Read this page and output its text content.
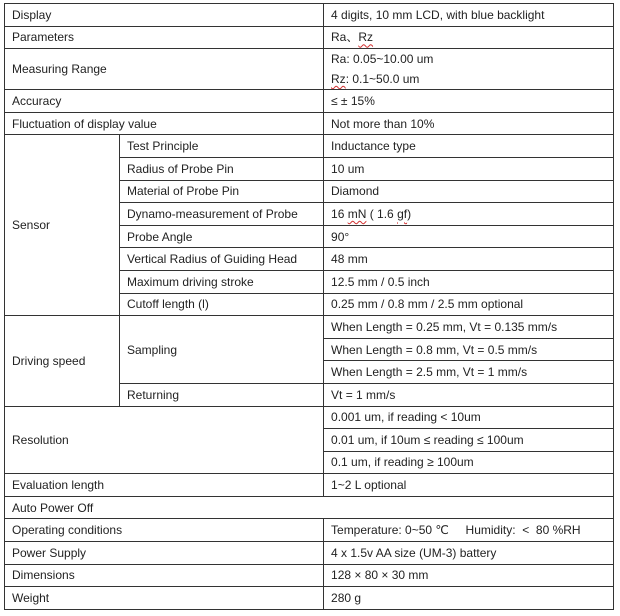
Display		4 digits, 10 mm LCD, with blue backlight
Parameters		Ra、Rz
Measuring Range		Ra: 0.05~10.00 um
Rz: 0.1~50.0 um

Accuracy		≤ ± 15%
Fluctuation of display value		Not more than 10%
Sensor	Test Principle	Inductance type
	Radius of Probe Pin	10 um
	Material of Probe Pin	Diamond
	Dynamo-measurement of Probe	16 mN ( 1.6 gf)
	Probe Angle	90°
	Vertical Radius of Guiding Head	48 mm
	Maximum driving stroke	12.5 mm / 0.5 inch
	Cutoff length (l)	0.25 mm / 0.8 mm / 2.5 mm optional
Driving speed	Sampling	When Length = 0.25 mm, Vt = 0.135 mm/s
		When Length = 0.8 mm, Vt = 0.5 mm/s
		When Length = 2.5 mm, Vt = 1 mm/s
	Returning	Vt = 1 mm/s
Resolution		0.001 um, if reading < 10um
		0.01 um, if 10um ≤ reading ≤ 100um
		0.1 um, if reading ≥ 100um
Evaluation length		1~2 L optional
Auto Power Off		
Operating conditions		Temperature: 0~50 ℃     Humidity:  <  80 %RH
Power Supply		4 x 1.5v AA size (UM-3) battery
Dimensions		128 × 80 × 30 mm
Weight		280 g
